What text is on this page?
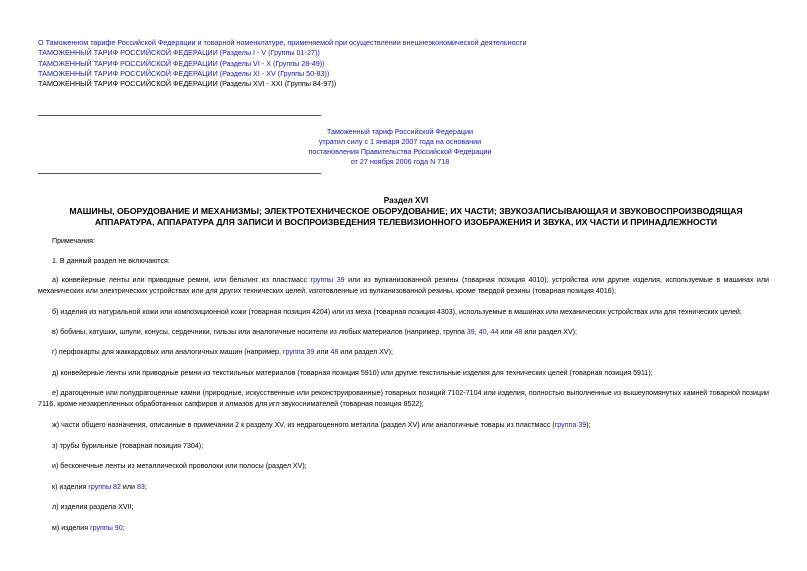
О Таможенном тарифе Российской Федерации и товарной номенклатуре, применяемой при осуществлении внешнеэкономической деятельности
ТАМОЖЕННЫЙ ТАРИФ РОССИЙСКОЙ ФЕДЕРАЦИИ (Разделы I - V (Группы 01-27))
ТАМОЖЕННЫЙ ТАРИФ РОССИЙСКОЙ ФЕДЕРАЦИИ (Разделы VI - X (Группы 28-49))
ТАМОЖЕННЫЙ ТАРИФ РОССИЙСКОЙ ФЕДЕРАЦИИ (Разделы XI - XV (Группы 50-83))
ТАМОЖЕННЫЙ ТАРИФ РОССИЙСКОЙ ФЕДЕРАЦИИ (Разделы XVI - XXI (Группы 84-97))
Таможенный тариф Российской Федерации
утратил силу с 1 января 2007 года на основании
постановления Правительства Российской Федерации
от 27 ноября 2006 года N 718
Раздел XVI
МАШИНЫ, ОБОРУДОВАНИЕ И МЕХАНИЗМЫ; ЭЛЕКТРОТЕХНИЧЕСКОЕ ОБОРУДОВАНИЕ; ИХ ЧАСТИ; ЗВУКОЗАПИСЫВАЮЩАЯ И ЗВУКОВОСПРОИЗВОДЯЩАЯ
АППАРАТУРА, АППАРАТУРА ДЛЯ ЗАПИСИ И ВОСПРОИЗВЕДЕНИЯ ТЕЛЕВИЗИОННОГО ИЗОБРАЖЕНИЯ И ЗВУКА, ИХ ЧАСТИ И ПРИНАДЛЕЖНОСТИ
Примечания:
1. В данный раздел не включаются:
а) конвейерные ленты или приводные ремни, или бельтинг из пластмасс группы 39 или из вулканизованной резины (товарная позиция 4010); устройства или другие изделия, используемые в машинах или механических или электрических устройствах или для других технических целей, изготовленные из вулканизованной резины, кроме твердой резины (товарная позиция 4016);
б) изделия из натуральной кожи или композиционной кожи (товарная позиция 4204) или из меха (товарная позиция 4303), используемые в машинах или механических устройствах или для технических целей;
в) бобины, катушки, шпули, конусы, сердечники, гильзы или аналогичные носители из любых материалов (например, группа 39, 40, 44 или 48 или раздел XV);
г) перфокарты для жаккардовых или аналогичных машин (например, группа 39 или 48 или раздел XV);
д) конвейерные ленты или приводные ремни из текстильных материалов (товарная позиция 5910) или другие текстильные изделия для технических целей (товарная позиция 5911);
е) драгоценные или полудрагоценные камни (природные, искусственные или реконструированные) товарных позиций 7102-7104 или изделия, полностью выполненные из вышеупомянутых камней товарной позиции 7116, кроме незакрепленных обработанных сапфиров и алмазов для игл звукоснимателей (товарная позиция 8522);
ж) части общего назначения, описанные в примечании 2 к разделу XV, из недрагоценного металла (раздел XV) или аналогичные товары из пластмасс (группа 39);
з) трубы бурильные (товарная позиция 7304);
и) бесконечные ленты из металлической проволоки или полосы (раздел XV);
к) изделия группы 82 или 83;
л) изделия раздела XVII;
м) изделия группы 90;
